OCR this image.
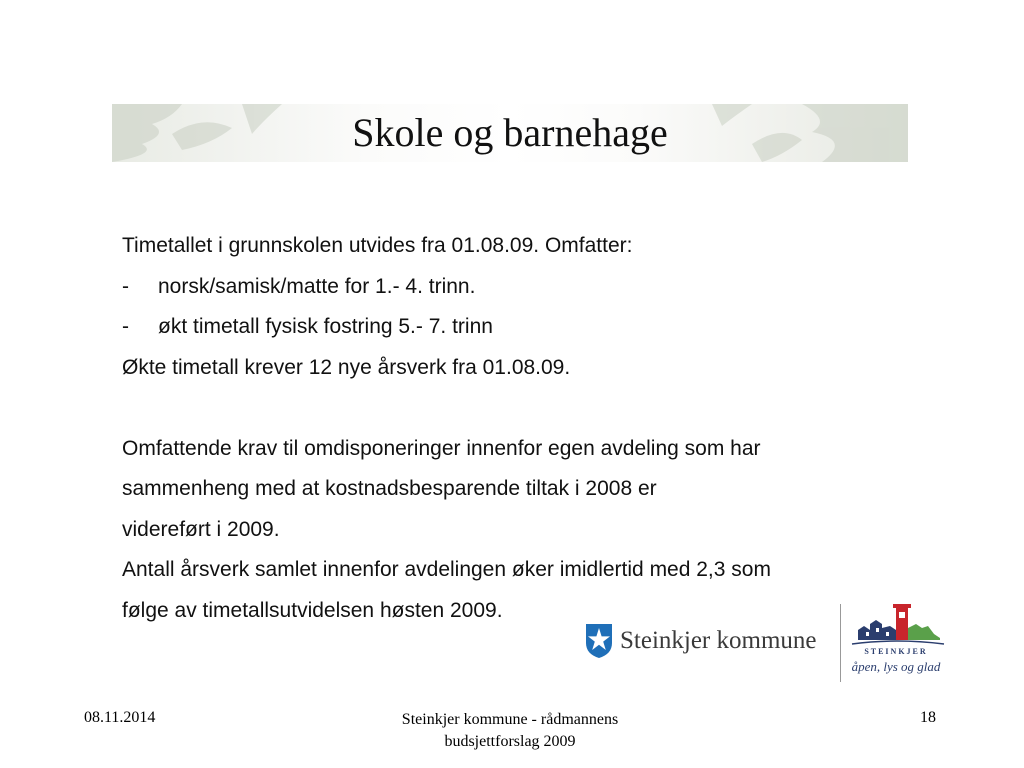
Skole og barnehage
Timetallet i grunnskolen utvides fra 01.08.09. Omfatter:
- norsk/samisk/matte for 1.- 4. trinn.
- økt timetall fysisk fostring 5.- 7. trinn
Økte timetall krever 12 nye årsverk fra 01.08.09.
Omfattende krav til omdisponeringer innenfor egen avdeling som har
sammenheng med at kostnadsbesparende tiltak i 2008 er
videreført i 2009.
Antall årsverk samlet innenfor avdelingen øker imidlertid med 2,3 som
følge av timetallsutvidelsen høsten 2009.
Steinkjer kommune	STEINKJER
åpen, lys og glad
08.11.2014	Steinkjer kommune - rådmannens
budsjettforslag 2009
18
